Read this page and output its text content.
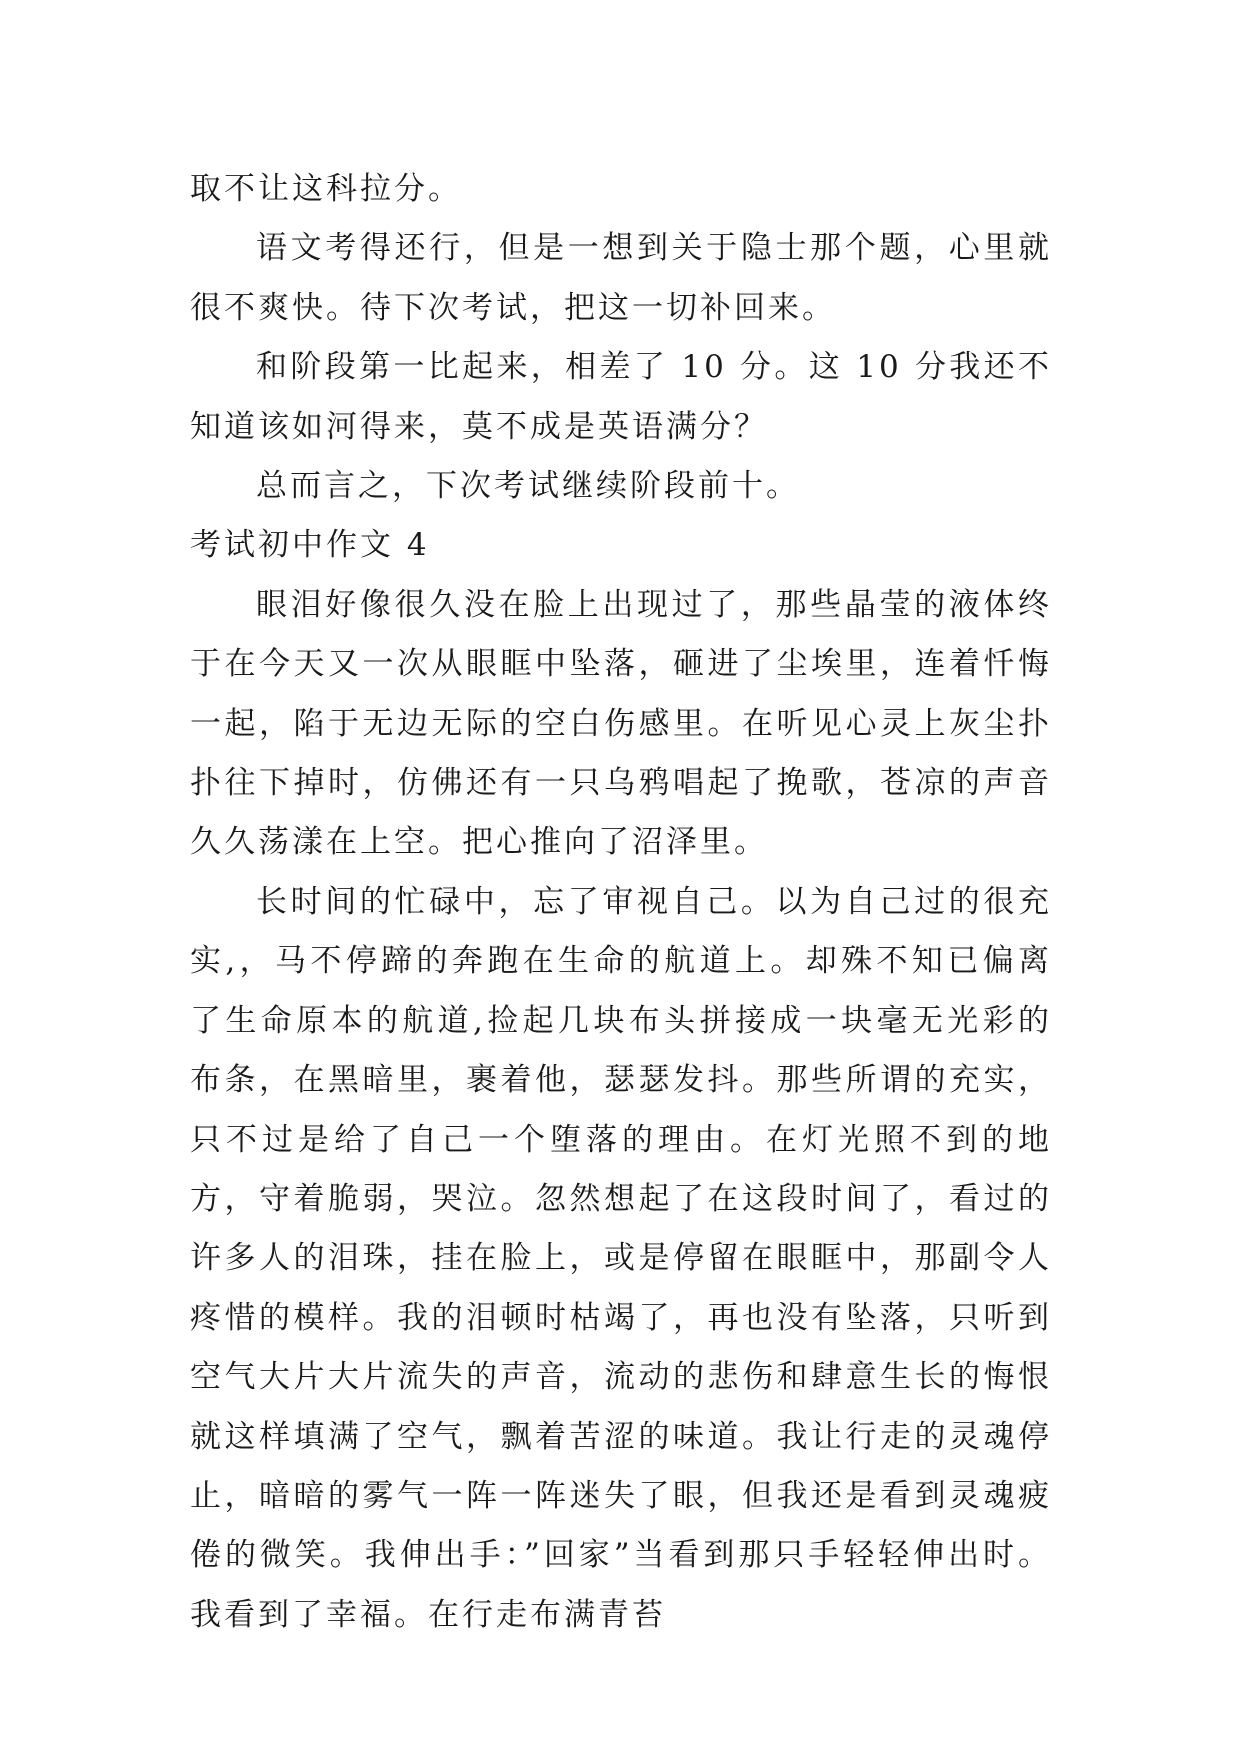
取不让这科拉分。

语文考得还行，但是一想到关于隐士那个题，心里就很不爽快。待下次考试，把这一切补回来。

和阶段第一比起来，相差了 10 分。这 10 分我还不知道该如河得来，莫不成是英语满分？

总而言之，下次考试继续阶段前十。

考试初中作文 4

眼泪好像很久没在脸上出现过了，那些晶莹的液体终于在今天又一次从眼眶中坠落，砸进了尘埃里，连着忏悔一起，陷于无边无际的空白伤感里。在听见心灵上灰尘扑扑往下掉时，仿佛还有一只乌鸦唱起了挽歌，苍凉的声音久久荡漾在上空。把心推向了沼泽里。

长时间的忙碌中，忘了审视自己。以为自己过的很充实,，马不停蹄的奔跑在生命的航道上。却殊不知已偏离了生命原本的航道,捡起几块布头拼接成一块毫无光彩的布条，在黑暗里，裹着他，瑟瑟发抖。那些所谓的充实，只不过是给了自己一个堕落的理由。在灯光照不到的地方，守着脆弱，哭泣。忽然想起了在这段时间了，看过的许多人的泪珠，挂在脸上，或是停留在眼眶中，那副令人疼惜的模样。我的泪顿时枯竭了，再也没有坠落，只听到空气大片大片流失的声音，流动的悲伤和肆意生长的悔恨就这样填满了空气，飘着苦涩的味道。我让行走的灵魂停止，暗暗的雾气一阵一阵迷失了眼，但我还是看到灵魂疲倦的微笑。我伸出手：”回家”当看到那只手轻轻伸出时。我看到了幸福。在行走布满青苔
